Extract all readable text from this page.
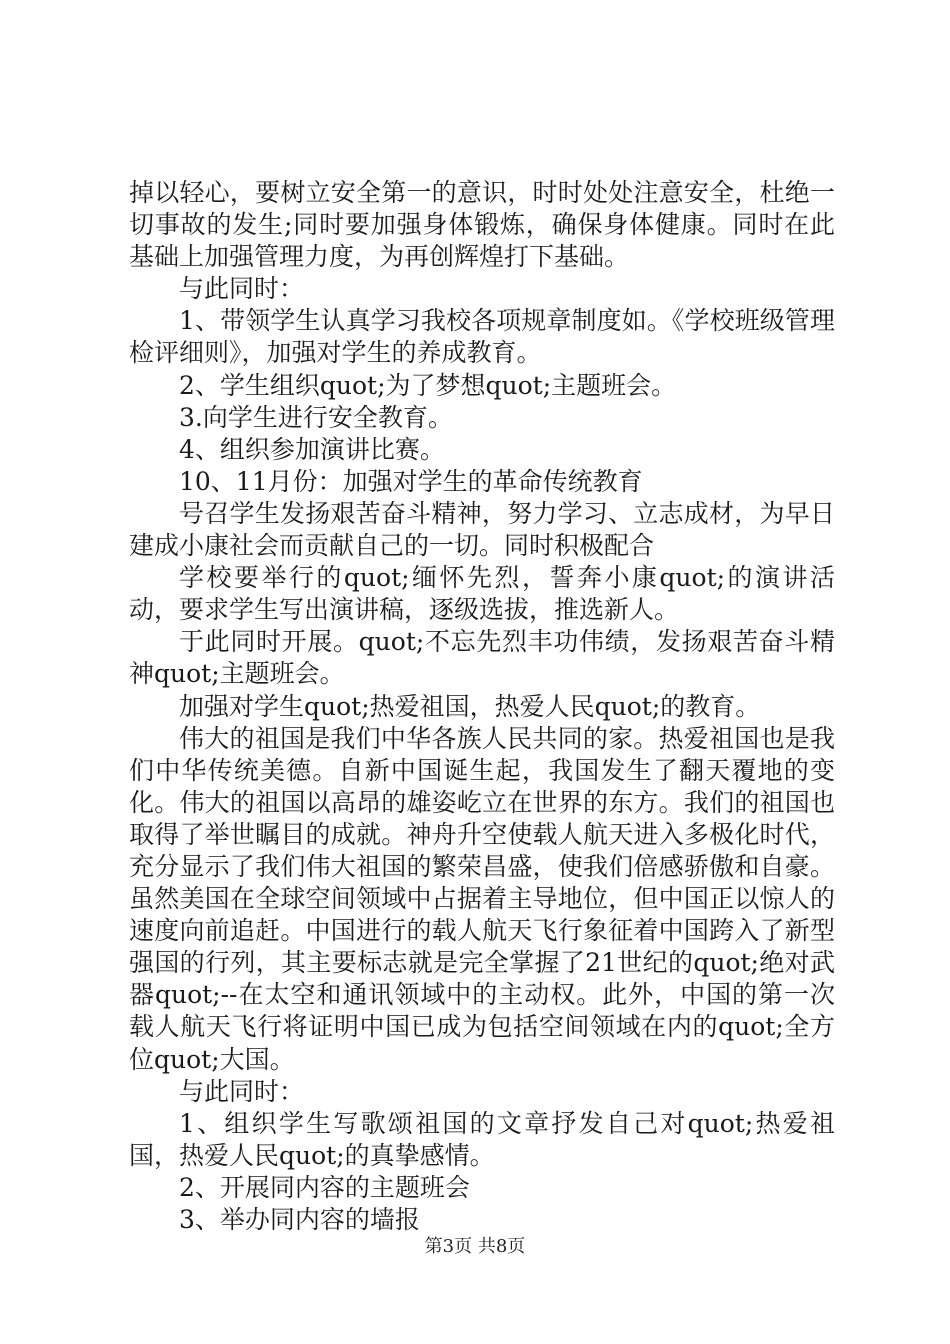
掉以轻心，要树立安全第一的意识，时时处处注意安全，杜绝一切事故的发生;同时要加强身体锻炼，确保身体健康。同时在此基础上加强管理力度，为再创辉煌打下基础。

与此同时：

1、带领学生认真学习我校各项规章制度如。《学校班级管理检评细则》，加强对学生的养成教育。

2、学生组织quot;为了梦想quot;主题班会。

3.向学生进行安全教育。

4、组织参加演讲比赛。

10、11月份：加强对学生的革命传统教育

号召学生发扬艰苦奋斗精神，努力学习、立志成材，为早日建成小康社会而贡献自己的一切。同时积极配合

学校要举行的quot;缅怀先烈，誓奔小康quot;的演讲活动，要求学生写出演讲稿，逐级选拔，推选新人。

于此同时开展。quot;不忘先烈丰功伟绩，发扬艰苦奋斗精神quot;主题班会。

加强对学生quot;热爱祖国，热爱人民quot;的教育。

伟大的祖国是我们中华各族人民共同的家。热爱祖国也是我们中华传统美德。自新中国诞生起，我国发生了翻天覆地的变化。伟大的祖国以高昂的雄姿屹立在世界的东方。我们的祖国也取得了举世瞩目的成就。神舟升空使载人航天进入多极化时代，充分显示了我们伟大祖国的繁荣昌盛，使我们倍感骄傲和自豪。虽然美国在全球空间领域中占据着主导地位，但中国正以惊人的速度向前追赶。中国进行的载人航天飞行象征着中国跨入了新型强国的行列，其主要标志就是完全掌握了21世纪的quot;绝对武器quot;--在太空和通讯领域中的主动权。此外，中国的第一次载人航天飞行将证明中国已成为包括空间领域在内的quot;全方位quot;大国。

与此同时：

1、组织学生写歌颂祖国的文章抒发自己对quot;热爱祖国，热爱人民quot;的真挚感情。

2、开展同内容的主题班会

3、举办同内容的墙报

第3页 共8页
